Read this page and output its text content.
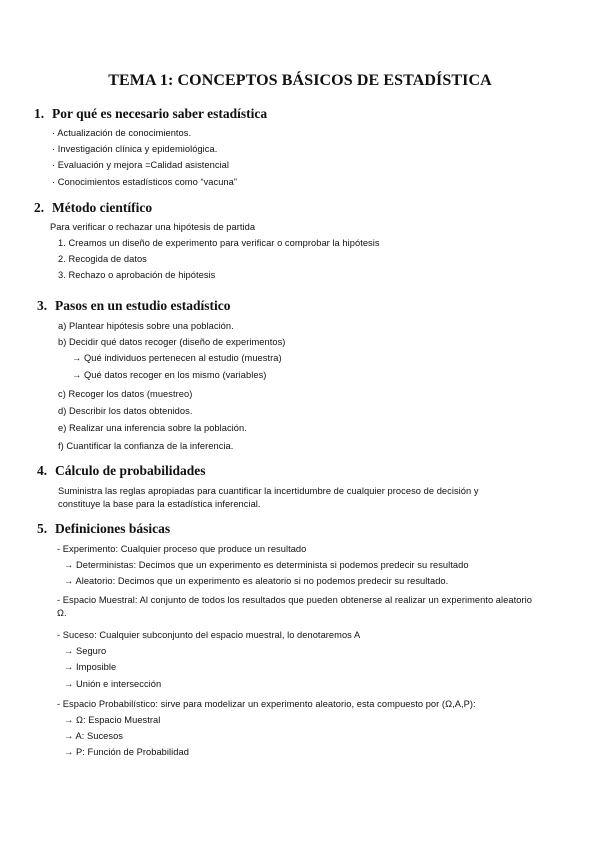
TEMA 1: CONCEPTOS BÁSICOS DE ESTADÍSTICA
1. Por qué es necesario saber estadística
· Actualización de conocimientos.
· Investigación clínica y epidemiológica.
· Evaluación y mejora =Calidad asistencial
· Conocimientos estadísticos como “vacuna”
2. Método científico
Para verificar o rechazar una hipótesis de partida
1. Creamos un diseño de experimento para verificar o comprobar la hipótesis
2. Recogida de datos
3. Rechazo o aprobación de hipótesis
3. Pasos en un estudio estadístico
a) Plantear hipótesis sobre una población.
b) Decidir qué datos recoger (diseño de experimentos)
→ Qué individuos pertenecen al estudio (muestra)
→ Qué datos recoger en los mismo (variables)
c) Recoger los datos (muestreo)
d) Describir los datos obtenidos.
e) Realizar una inferencia sobre la población.
f) Cuantificar la confianza de la inferencia.
4. Cálculo de probabilidades
Suministra las reglas apropiadas para cuantificar la incertidumbre de cualquier proceso de decisión y constituye la base para la estadística inferencial.
5. Definiciones básicas
- Experimento: Cualquier proceso que produce un resultado
→ Deterministas: Decimos que un experimento es determinista si podemos predecir su resultado
→ Aleatorio: Decimos que un experimento es aleatorio si no podemos predecir su resultado.
- Espacio Muestral: Al conjunto de todos los resultados que pueden obtenerse al realizar un experimento aleatorio Ω.
- Suceso: Cualquier subconjunto del espacio muestral, lo denotaremos A
→ Seguro
→ Imposible
→ Unión e intersección
- Espacio Probabilístico: sirve para modelizar un experimento aleatorio, esta compuesto por (Ω,A,P):
→ Ω: Espacio Muestral
→ A: Sucesos
→ P: Función de Probabilidad
